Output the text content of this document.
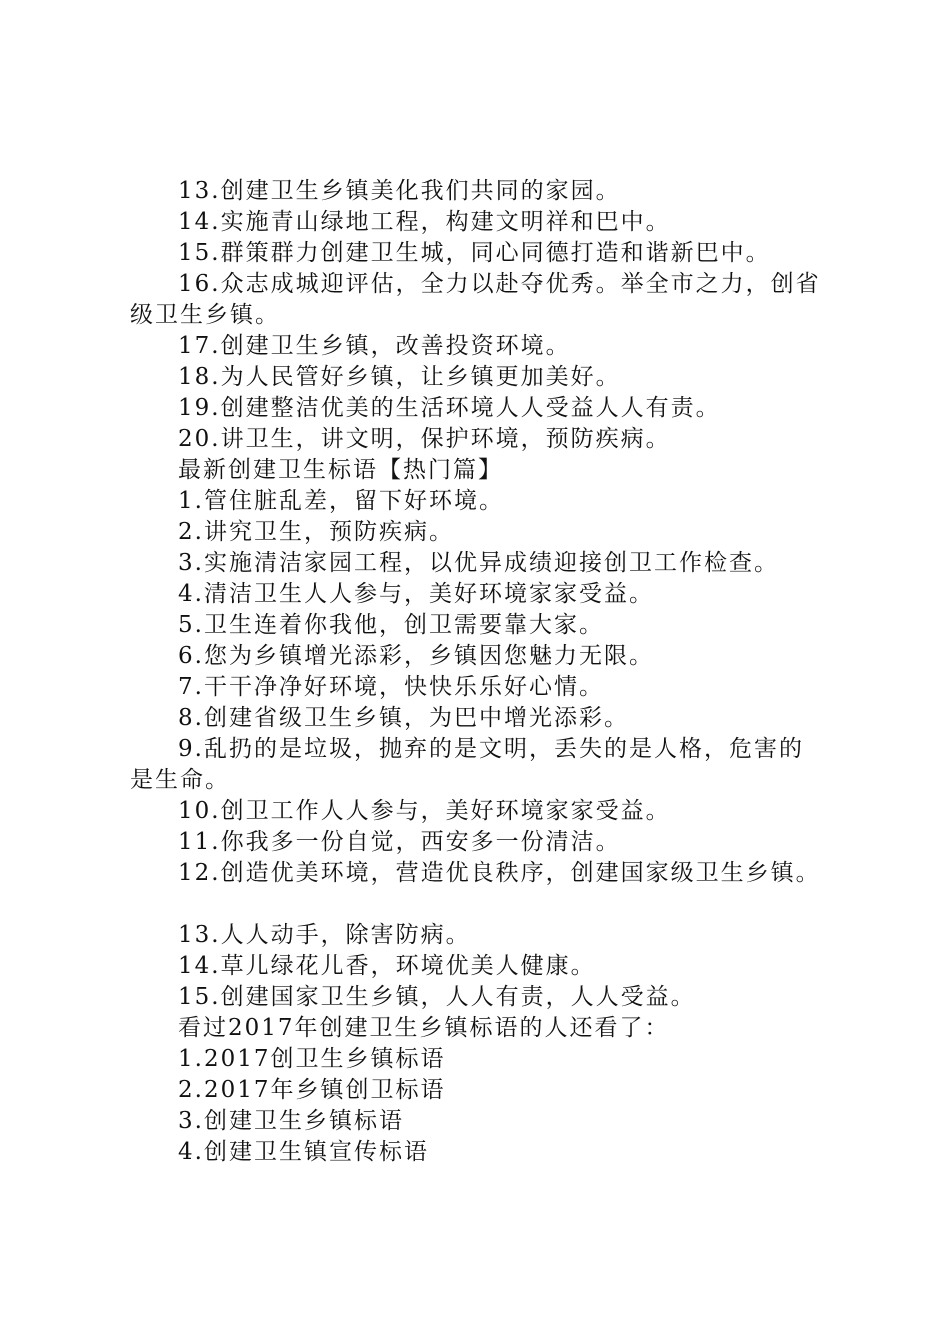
13.创建卫生乡镇美化我们共同的家园。
14.实施青山绿地工程，构建文明祥和巴中。
15.群策群力创建卫生城，同心同德打造和谐新巴中。
16.众志成城迎评估，全力以赴夺优秀。举全市之力，创省
级卫生乡镇。
17.创建卫生乡镇，改善投资环境。
18.为人民管好乡镇，让乡镇更加美好。
19.创建整洁优美的生活环境人人受益人人有责。
20.讲卫生，讲文明，保护环境，预防疾病。
最新创建卫生标语【热门篇】
1.管住脏乱差，留下好环境。
2.讲究卫生，预防疾病。
3.实施清洁家园工程，以优异成绩迎接创卫工作检查。
4.清洁卫生人人参与，美好环境家家受益。
5.卫生连着你我他，创卫需要靠大家。
6.您为乡镇增光添彩，乡镇因您魅力无限。
7.干干净净好环境，快快乐乐好心情。
8.创建省级卫生乡镇，为巴中增光添彩。
9.乱扔的是垃圾，抛弃的是文明，丢失的是人格，危害的
是生命。
10.创卫工作人人参与，美好环境家家受益。
11.你我多一份自觉，西安多一份清洁。
12.创造优美环境，营造优良秩序，创建国家级卫生乡镇。
13.人人动手，除害防病。
14.草儿绿花儿香，环境优美人健康。
15.创建国家卫生乡镇，人人有责，人人受益。
看过2017年创建卫生乡镇标语的人还看了：
1.2017创卫生乡镇标语
2.2017年乡镇创卫标语
3.创建卫生乡镇标语
4.创建卫生镇宣传标语
